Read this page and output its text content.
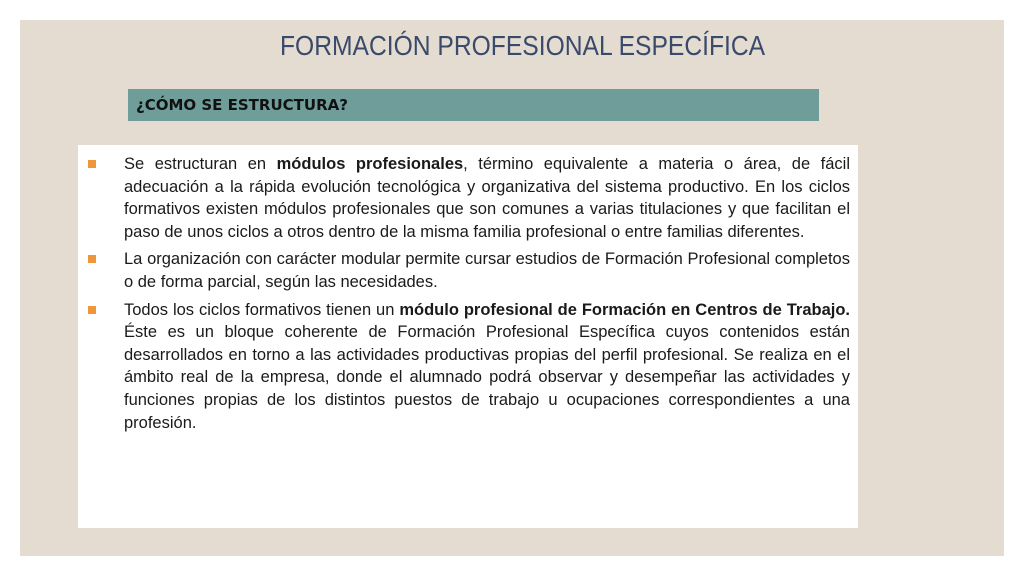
FORMACIÓN PROFESIONAL ESPECÍFICA
¿CÓMO SE ESTRUCTURA?
Se estructuran en módulos profesionales, término equivalente a materia o área, de fácil adecuación a la rápida evolución tecnológica y organizativa del sistema productivo. En los ciclos formativos existen módulos profesionales que son comunes a varias titulaciones y que facilitan el paso de unos ciclos a otros dentro de la misma familia profesional o entre familias diferentes.
La organización con carácter modular permite cursar estudios de Formación Profesional completos o de forma parcial, según las necesidades.
Todos los ciclos formativos tienen un módulo profesional de Formación en Centros de Trabajo. Éste es un bloque coherente de Formación Profesional Específica cuyos contenidos están desarrollados en torno a las actividades productivas propias del perfil profesional. Se realiza en el ámbito real de la empresa, donde el alumnado podrá observar y desempeñar las actividades y funciones propias de los distintos puestos de trabajo u ocupaciones correspondientes a una profesión.
